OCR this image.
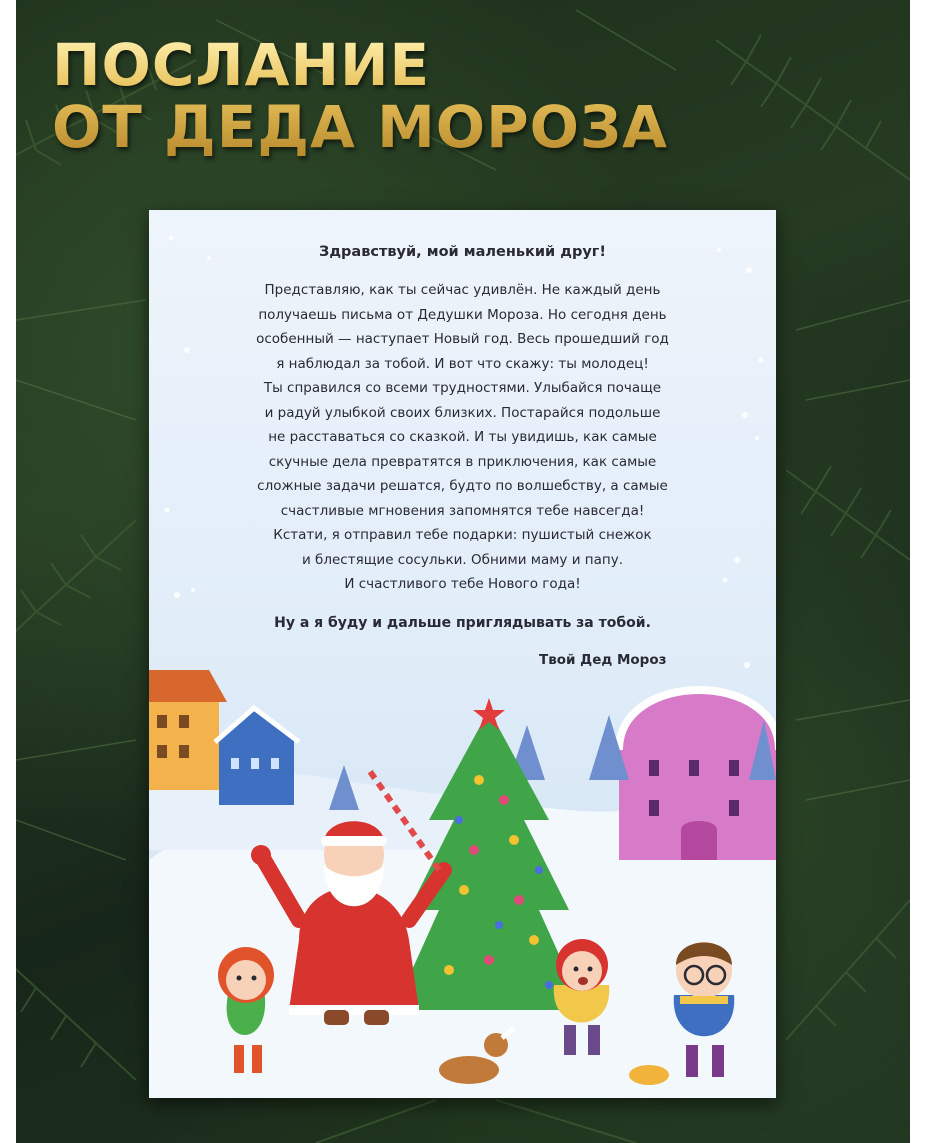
ПОСЛАНИЕ
ОТ ДЕДА МОРОЗА

Здравствуй, мой маленький друг!

Представляю, как ты сейчас удивлён. Не каждый день
получаешь письма от Дедушки Мороза. Но сегодня день
особенный — наступает Новый год. Весь прошедший год
я наблюдал за тобой. И вот что скажу: ты молодец!
Ты справился со всеми трудностями. Улыбайся почаще
и радуй улыбкой своих близких. Постарайся подольше
не расставаться со сказкой. И ты увидишь, как самые
скучные дела превратятся в приключения, как самые
сложные задачи решатся, будто по волшебству, а самые
счастливые мгновения запомнятся тебе навсегда!
Кстати, я отправил тебе подарки: пушистый снежок
и блестящие сосульки. Обними маму и папу.
И счастливого тебе Нового года!

Ну а я буду и дальше приглядывать за тобой.

Твой Дед Мороз
